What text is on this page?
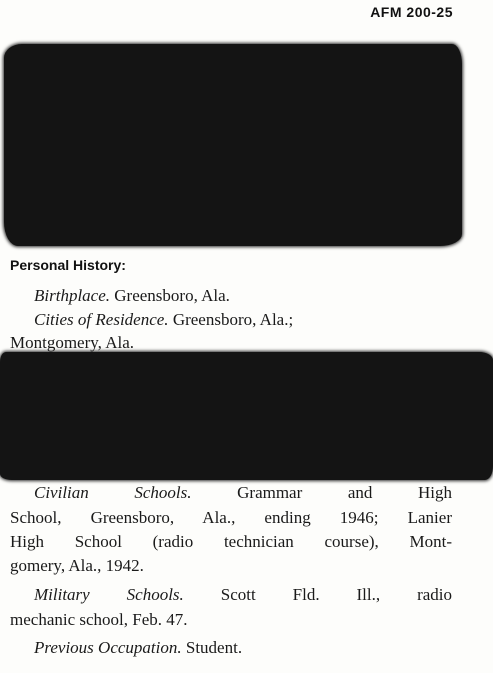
AFM 200-25
Personal History:
Birthplace. Greensboro, Ala.
Cities of Residence. Greensboro, Ala.;
Montgomery, Ala.
Civilian Schools.	Grammar and High
School, Greensboro, Ala., ending 1946; Lanier
High School (radio technician course), Mont-
gomery, Ala., 1942.
Military Schools. Scott Fld. Ill., radio
mechanic school, Feb. 47.
Previous Occupation. Student.
